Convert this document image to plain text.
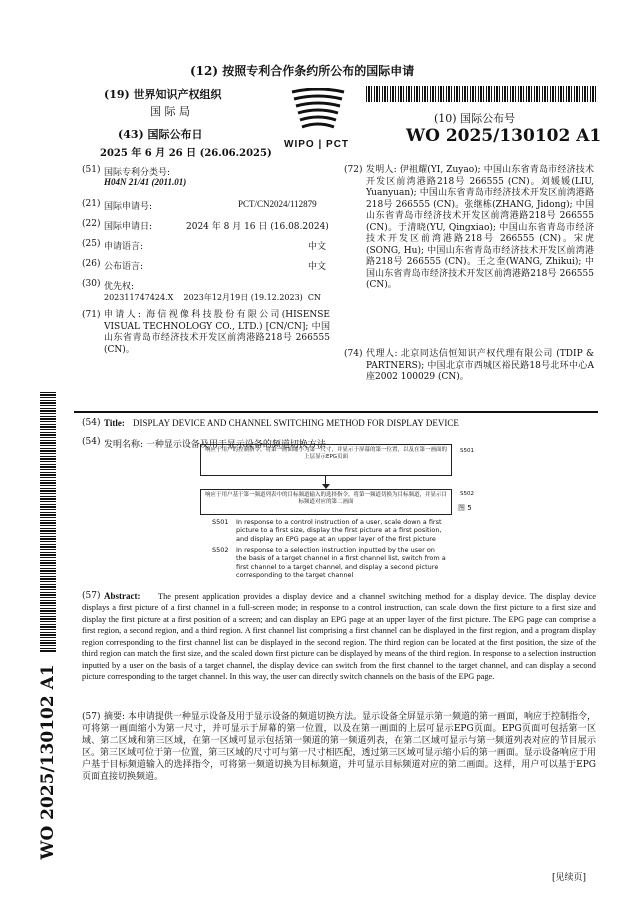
(12) 按照专利合作条约所公布的国际申请
(19) 世界知识产权组织
国 际 局
(43) 国际公布日
2025 年 6 月 26 日 (26.06.2025)
WIPO | PCT
(10) 国际公布号
WO 2025/130102 A1
(51) 国际专利分类号:
H04N 21/41 (2011.01)
(21) 国际申请号:	PCT/CN2024/112879
(22) 国际申请日:	2024 年 8 月 16 日 (16.08.2024)
(25) 申请语言:	中文
(26) 公布语言:	中文
(30) 优先权:
202311747424.X    2023年12月19日 (19.12.2023)  CN
(71) 申请人: 海信视像科技股份有限公司(HISENSE VISUAL TECHNOLOGY CO., LTD.) [CN/CN]; 中国山东省青岛市经济技术开发区前湾港路218号 266555 (CN)。
(72) 发明人: 伊祖耀(YI, Zuyao); 中国山东省青岛市经济技术开发区前湾港路218号 266555 (CN)。刘媛媛(LIU, Yuanyuan); 中国山东省青岛市经济技术开发区前湾港路218号 266555 (CN)。张继栋(ZHANG, Jidong); 中国山东省青岛市经济技术开发区前湾港路218号 266555 (CN)。于清晓(YU, Qingxiao); 中国山东省青岛市经济技术开发区前湾港路218号 266555 (CN)。宋虎(SONG, Hu); 中国山东省青岛市经济技术开发区前湾港路218号 266555 (CN)。王之奎(WANG, Zhikui); 中国山东省青岛市经济技术开发区前湾港路218号 266555 (CN)。
(74) 代理人: 北京同达信恒知识产权代理有限公司 (TDIP & PARTNERS); 中国北京市西城区裕民路18号北环中心A座2002 100029 (CN)。
(54) Title: DISPLAY DEVICE AND CHANNEL SWITCHING METHOD FOR DISPLAY DEVICE
(54) 发明名称: 一种显示设备及用于显示设备的频道切换方法
响应于用户的控制指令，将第一画面缩小为第一尺寸，并显示于屏幕的第一位置，以及在第一画面的上层显示EPG页面
S501
响应于用户基于第一频道列表中的目标频道输入的选择指令，将第一频道切换为目标频道，并显示目标频道对应的第二画面
S502
图 5
S501 In response to a control instruction of a user, scale down a first picture to a first size, display the first picture at a first position, and display an EPG page at an upper layer of the first picture
S502 In response to a selection instruction inputted by the user on the basis of a target channel in a first channel list, switch from a first channel to a target channel, and display a second picture corresponding to the target channel
(57) Abstract:	The present application provides a display device and a channel switching method for a display device. The display device displays a first picture of a first channel in a full-screen mode; in response to a control instruction, can scale down the first picture to a first size and display the first picture at a first position of a screen; and can display an EPG page at an upper layer of the first picture. The EPG page can comprise a first region, a second region, and a third region. A first channel list comprising a first channel can be displayed in the first region, and a program display region corresponding to the first channel list can be displayed in the second region. The third region can be located at the first position, the size of the third region can match the first size, and the scaled down first picture can be displayed by means of the third region. In response to a selection instruction inputted by a user on the basis of a target channel, the display device can switch from the first channel to the target channel, and can display a second picture corresponding to the target channel. In this way, the user can directly switch channels on the basis of the EPG page.
(57) 摘要: 本申请提供一种显示设备及用于显示设备的频道切换方法。显示设备全屏显示第一频道的第一画面，响应于控制指令，可将第一画面缩小为第一尺寸，并可显示于屏幕的第一位置，以及在第一画面的上层可显示EPG页面。EPG页面可包括第一区域、第二区域和第三区域，在第一区域可显示包括第一频道的第一频道列表，在第二区域可显示与第一频道列表对应的节目展示区。第三区域可位于第一位置，第三区域的尺寸可与第一尺寸相匹配，透过第三区域可显示缩小后的第一画面。显示设备响应于用户基于目标频道输入的选择指令，可将第一频道切换为目标频道，并可显示目标频道对应的第二画面。这样，用户可以基于EPG页面直接切换频道。
WO 2025/130102 A1
[见续页]
